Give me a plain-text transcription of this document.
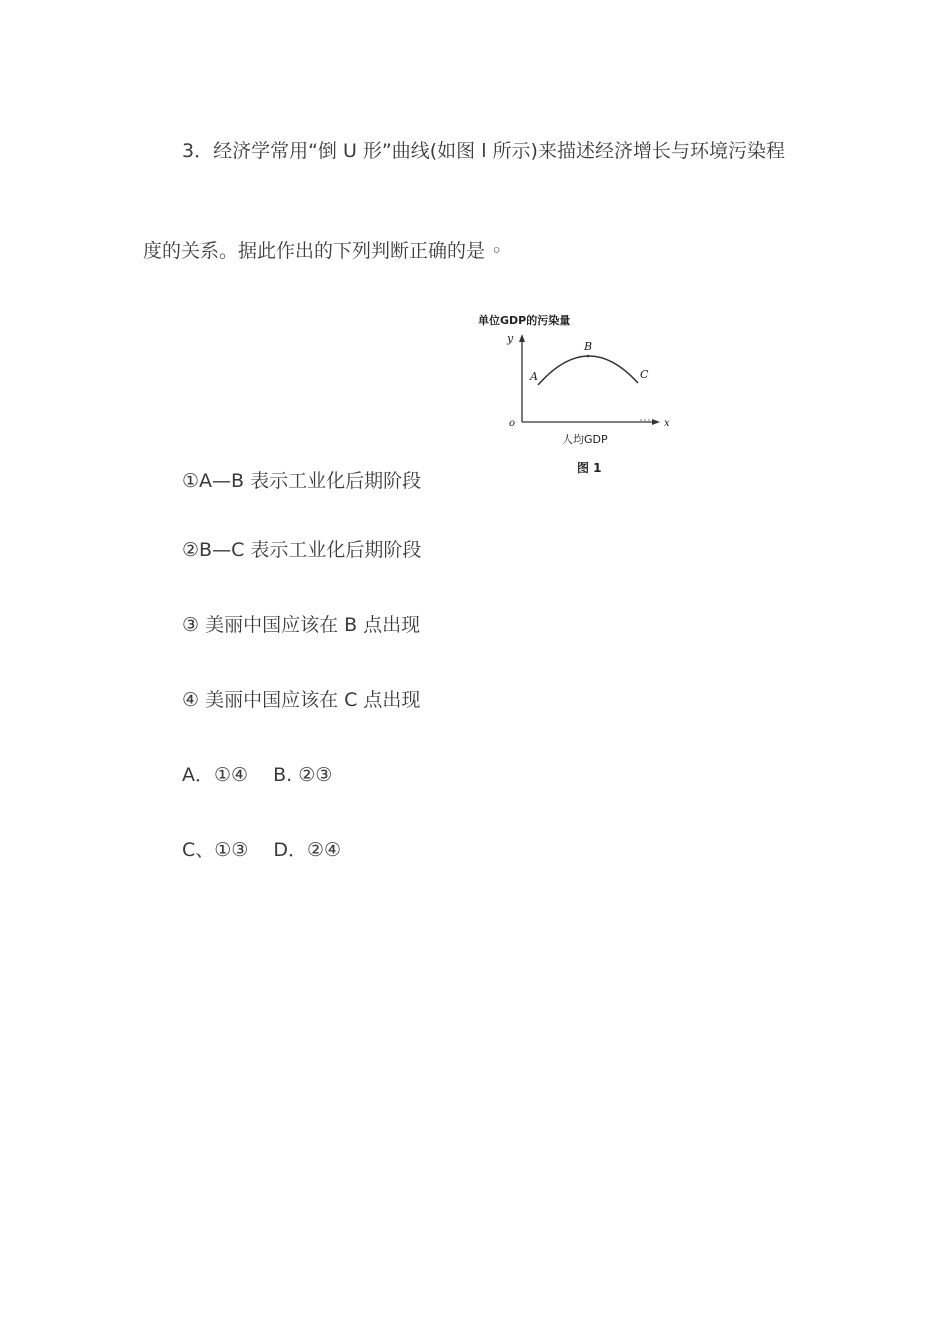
3．经济学常用“倒 U 形”曲线(如图 l 所示)来描述经济增长与环境污染程
度的关系。据此作出的下列判断正确的是 ◦
单位GDP的污染量
y
o	x
A
B
C
人均GDP
图 1
①A—B 表示工业化后期阶段
②B—C 表示工业化后期阶段
③ 美丽中国应该在 B 点出现
④ 美丽中国应该在 C 点出现
A．①④　 B. ②③
C、①③　 D．②④
